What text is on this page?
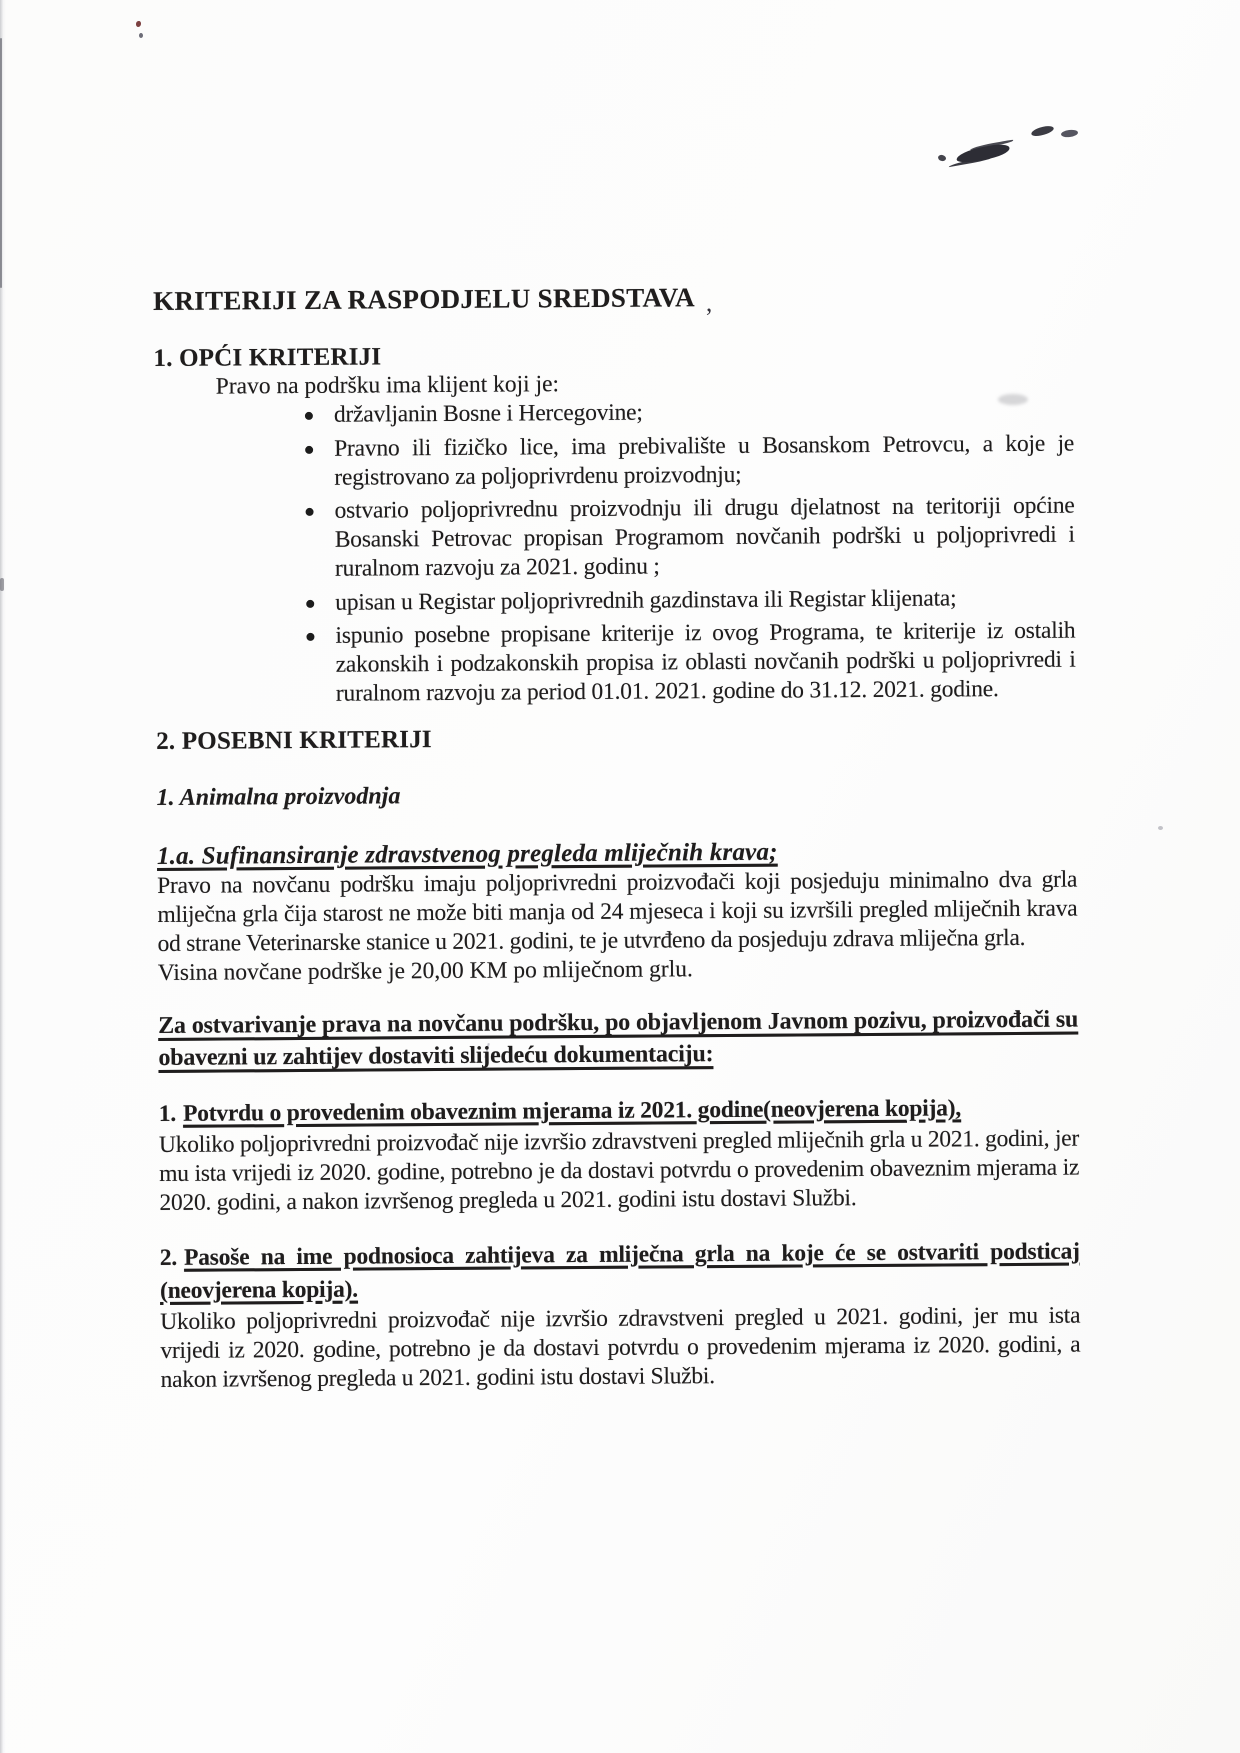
,
KRITERIJI ZA RASPODJELU SREDSTAVA
1. OPĆI KRITERIJI

Pravo na podršku ima klijent koji je:

državljanin Bosne i Hercegovine;
Pravno ili fizičko lice, ima prebivalište u Bosanskom Petrovcu, a koje je registrovano za poljoprivrdenu proizvodnju;
ostvario poljoprivrednu proizvodnju ili drugu djelatnost na teritoriji općine Bosanski Petrovac propisan Programom novčanih podrški u poljoprivredi i ruralnom razvoju za 2021. godinu ;
upisan u Registar poljoprivrednih gazdinstava ili Registar klijenata;
ispunio posebne propisane kriterije iz ovog Programa, te kriterije iz ostalih zakonskih i podzakonskih propisa iz oblasti novčanih podrški u poljoprivredi i ruralnom razvoju za period 01.01. 2021. godine do 31.12. 2021. godine.
2. POSEBNI KRITERIJI

1. Animalna proizvodnja

1.a. Sufinansiranje zdravstvenog pregleda mliječnih krava;

Pravo na novčanu podršku imaju poljoprivredni proizvođači koji posjeduju minimalno dva grla mliječna grla čija starost ne može biti manja od 24 mjeseca i koji su izvršili pregled mliječnih krava od strane Veterinarske stanice u 2021. godini, te je utvrđeno da posjeduju zdrava mliječna grla.

Visina novčane podrške je 20,00 KM po mliječnom grlu.

Za ostvarivanje prava na novčanu podršku, po objavljenom Javnom pozivu, proizvođači su obavezni uz zahtijev dostaviti slijedeću dokumentaciju:

1. Potvrdu o provedenim obaveznim mjerama iz 2021. godine(neovjerena kopija),

Ukoliko poljoprivredni proizvođač nije izvršio zdravstveni pregled mliječnih grla u 2021. godini, jer mu ista vrijedi iz 2020. godine, potrebno je da dostavi potvrdu o provedenim obaveznim mjerama iz 2020. godini, a nakon izvršenog pregleda u 2021. godini istu dostavi Službi.

2. Pasoše na ime podnosioca zahtijeva za mliječna grla na koje će se ostvariti podsticaj (neovjerena kopija).

Ukoliko poljoprivredni proizvođač nije izvršio zdravstveni pregled u 2021. godini, jer mu ista vrijedi iz 2020. godine, potrebno je da dostavi potvrdu o provedenim mjerama iz 2020. godini, a nakon izvršenog pregleda u 2021. godini istu dostavi Službi.
